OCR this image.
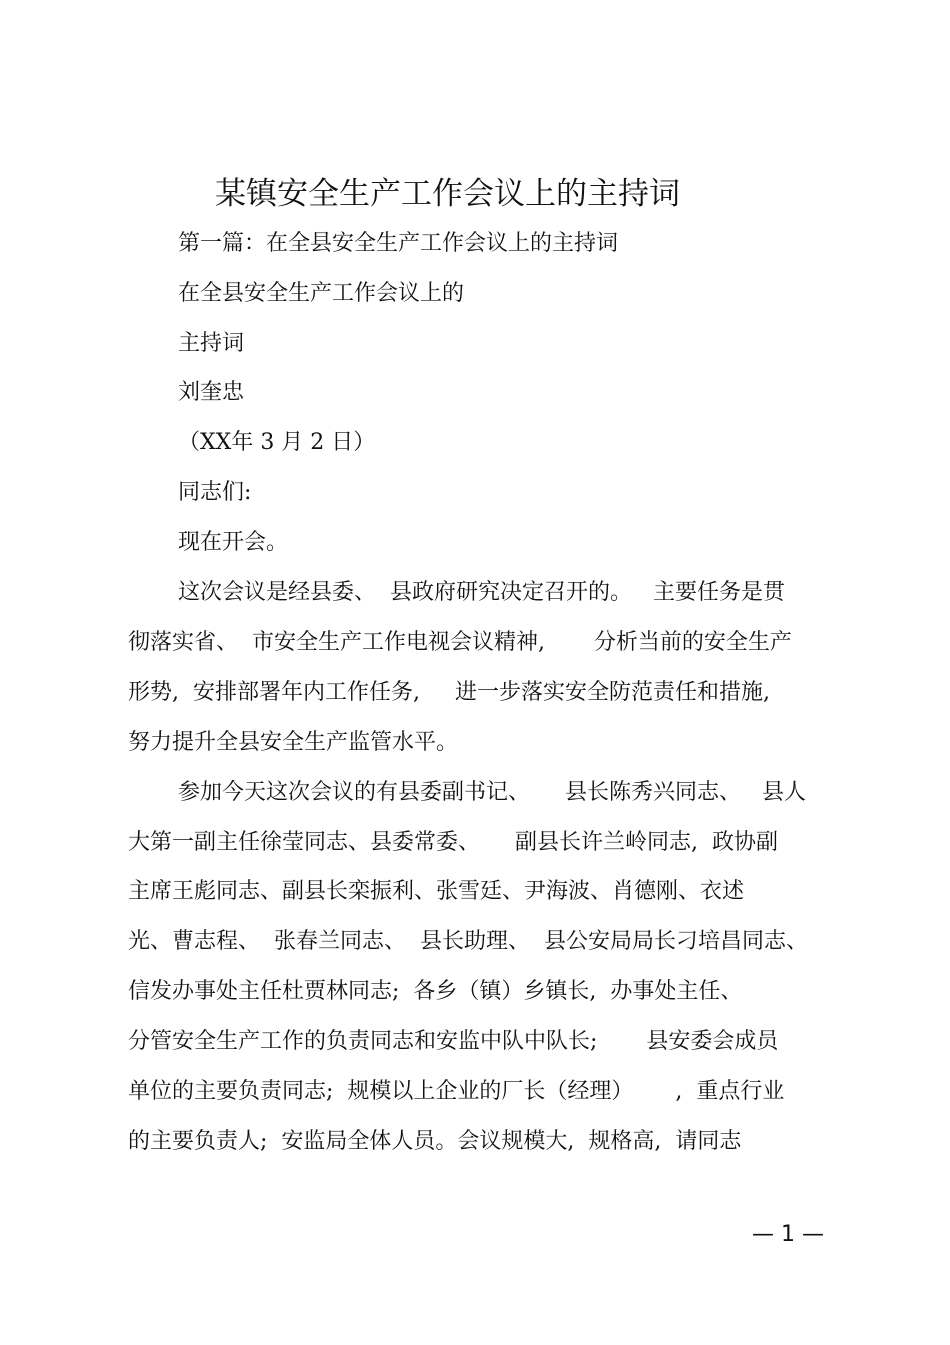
某镇安全生产工作会议上的主持词
第一篇：在全县安全生产工作会议上的主持词
在全县安全生产工作会议上的
主持词
刘奎忠
（XX年 3 月 2 日）
同志们:
现在开会。
这次会议是经县委、  县政府研究决定召开的。   主要任务是贯
彻落实省、  市安全生产工作电视会议精神,       分析当前的安全生产
形势,  安排部署年内工作任务,     进一步落实安全防范责任和措施,
努力提升全县安全生产监管水平。
参加今天这次会议的有县委副书记、     县长陈秀兴同志、   县人
大第一副主任徐莹同志、县委常委、     副县长许兰岭同志,  政协副
主席王彪同志、副县长栾振利、张雪廷、尹海波、肖德刚、衣述
光、曹志程、  张春兰同志、  县长助理、  县公安局局长刁培昌同志、
信发办事处主任杜贾林同志;  各乡（镇）乡镇长,  办事处主任、
分管安全生产工作的负责同志和安监中队中队长;       县安委会成员
单位的主要负责同志;  规模以上企业的厂长（经理）      ,  重点行业
的主要负责人;  安监局全体人员。会议规模大,  规格高,  请同志
— 1 —
